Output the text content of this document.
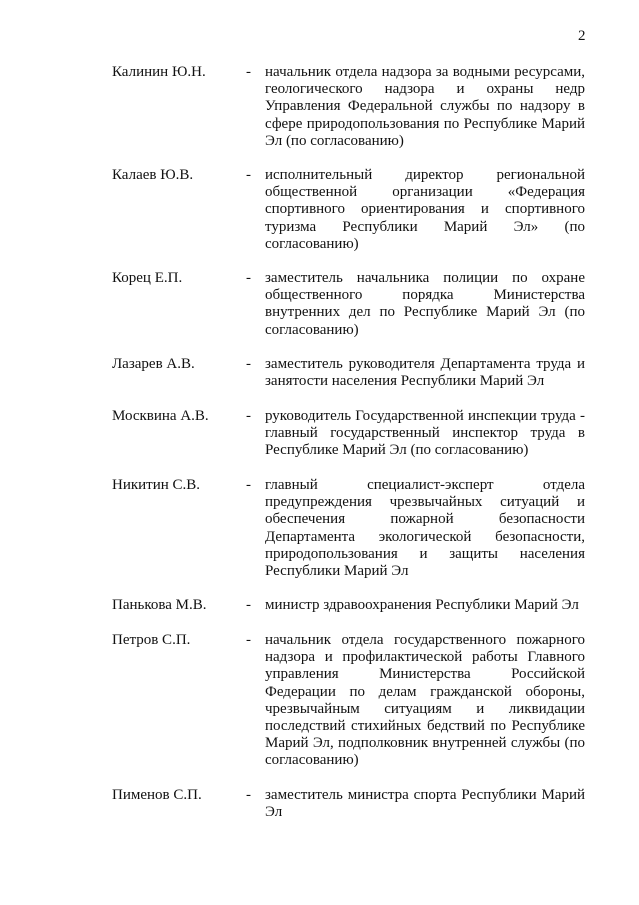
2
Калинин Ю.Н.	- начальник отдела надзора за водными ресурсами, геологического надзора и охраны недр Управления Федеральной службы по надзору в сфере природопользования по Республике Марий Эл (по согласованию)
Калаев Ю.В.	- исполнительный директор региональной общественной организации «Федерация спортивного ориентирования и спортивного туризма Республики Марий Эл» (по согласованию)
Корец Е.П.	- заместитель начальника полиции по охране общественного порядка Министерства внутренних дел по Республике Марий Эл (по согласованию)
Лазарев А.В.	- заместитель руководителя Департамента труда и занятости населения Республики Марий Эл
Москвина А.В.	- руководитель Государственной инспекции труда - главный государственный инспектор труда в Республике Марий Эл (по согласованию)
Никитин С.В.	- главный специалист-эксперт отдела предупреждения чрезвычайных ситуаций и обеспечения пожарной безопасности Департамента экологической безопасности, природопользования и защиты населения Республики Марий Эл
Панькова М.В.	- министр здравоохранения Республики Марий Эл
Петров С.П.	- начальник отдела государственного пожарного надзора и профилактической работы Главного управления Министерства Российской Федерации по делам гражданской обороны, чрезвычайным ситуациям и ликвидации последствий стихийных бедствий по Республике Марий Эл, подполковник внутренней службы (по согласованию)
Пименов С.П.	- заместитель министра спорта Республики Марий Эл
